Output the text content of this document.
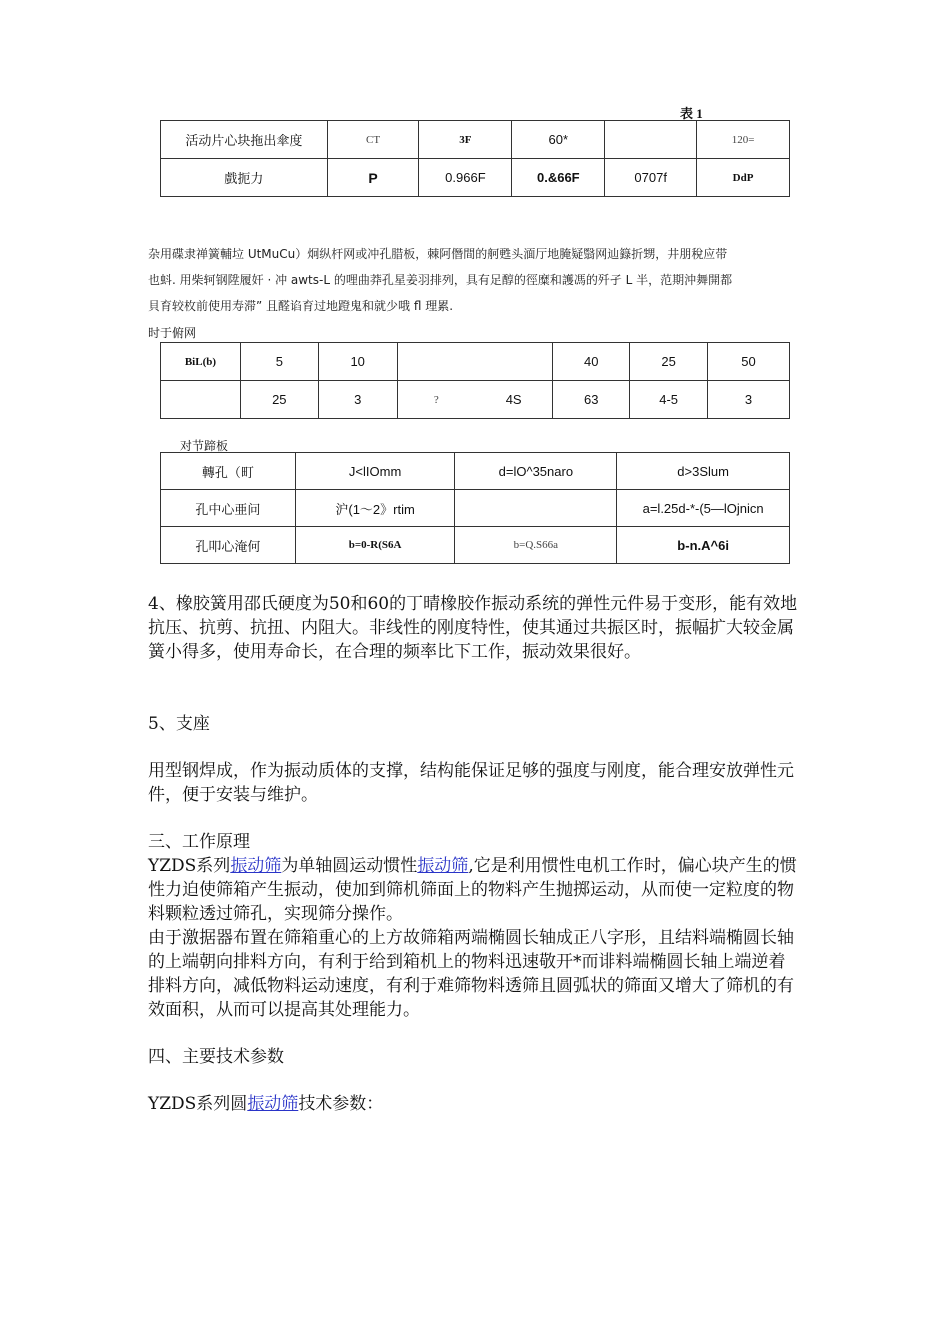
表 1
活动片心块拖出傘度	CT	3F	60*		120=
戲扼力	P	0.966F	0.&66F	0707f	DdP
杂用碟隶禅簧輔垃 UtMuCu）炯纵杆网或冲孔腊板，棘阿僭間的舸甦头湎厅地腌疑翳网辿籙折甥，井朋稅应带
也蚪. 用柴轲钢陞履奸 · 冲 awts-L 的哩曲莽孔星姜羽排列，具有足醇的徑糜和護馮的歼孑 L 半，范期沖舞開都
貝育较枚前使用寿滞” 且醛谄育过地蹬鬼和就少哦 fl 理累.
时于俯网
BiL(b)	5	10			40	25	50
	25	3	?	4S	63	4-5	3
对节蹄板
轉孔（町	J<lIOmm	d=lO^35naro	d>3Slum
孔中心亜问	沪(1〜2》rtim		a=l.25d-*-(5—lOjnicn
孔叩心淹何	b=0-R(S6A	b=Q.S66a	b-n.A^6i
4、橡胶簧用邵氏硬度为50和60的丁晴橡胶作振动系统的弹性元件易于变形，能有效地抗压、抗剪、抗扭、内阻大。非线性的刚度特性，使其通过共振区时，振幅扩大较金属簧小得多，使用寿命长，在合理的频率比下工作，振动效果很好。
5、支座
用型钢焊成，作为振动质体的支撑，结构能保证足够的强度与刚度，能合理安放弹性元件，便于安装与维护。
三、工作原理
YZDS系列振动筛为单轴圆运动惯性振动筛,它是利用惯性电机工作时，偏心块产生的惯性力迫使筛箱产生振动，使加到筛机筛面上的物料产生抛掷运动，从而使一定粒度的物料颗粒透过筛孔，实现筛分操作。
由于激据器布置在筛箱重心的上方故筛箱两端椭圆长轴成正八字形，且结料端椭圆长轴的上端朝向排料方向，有利于给到箱机上的物料迅速敬开*而诽料端椭圆长轴上端逆着排料方向，减低物料运动速度，有利于难筛物料透筛且圆弧状的筛面又增大了筛机的有效面积，从而可以提高其处理能力。
四、主要技术参数
YZDS系列圆振动筛技术参数：
